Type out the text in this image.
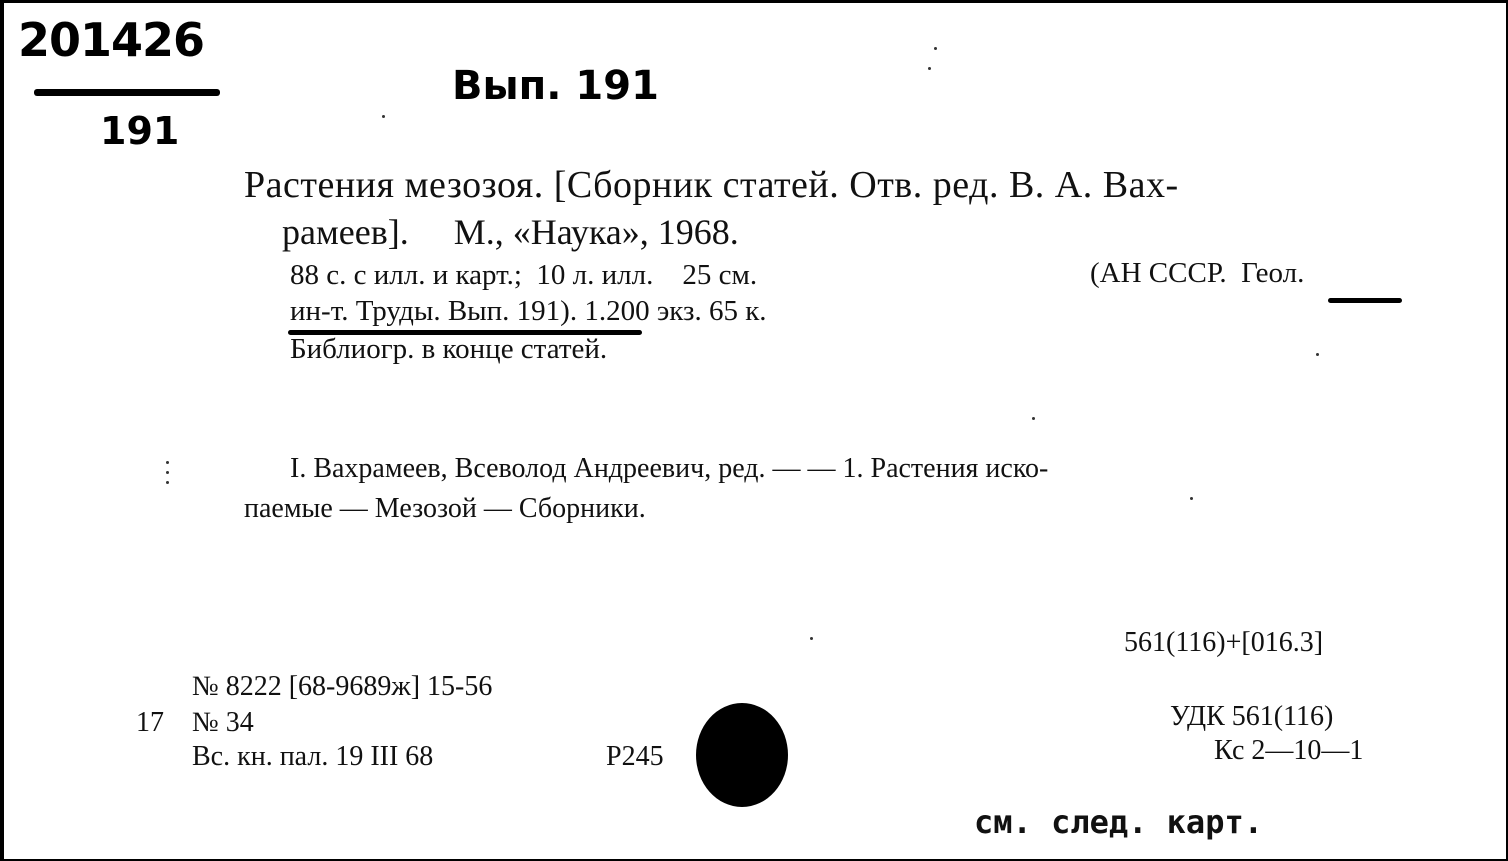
201426
191
Вып. 191
Растения мезозоя. [Сборник статей. Отв. ред. В. А. Вах-
рамеев].     М., «Наука», 1968.
88 с. с илл. и карт.;  10 л. илл.    25 см.	(АН СССР.  Геол.
ин-т. Труды. Вып. 191). 1.200 экз. 65 к.
Библиогр. в конце статей.
I. Вахрамеев, Всеволод Андреевич, ред. — — 1. Растения иско-
паемые — Мезозой — Сборники.
561(116)+[016.3]
УДК 561(116)
Кс 2—10—1
№ 8222 [68-9689ж] 15-56
17 № 34
Вс. кн. пал. 19 III 68	Р245
см. след. карт.
